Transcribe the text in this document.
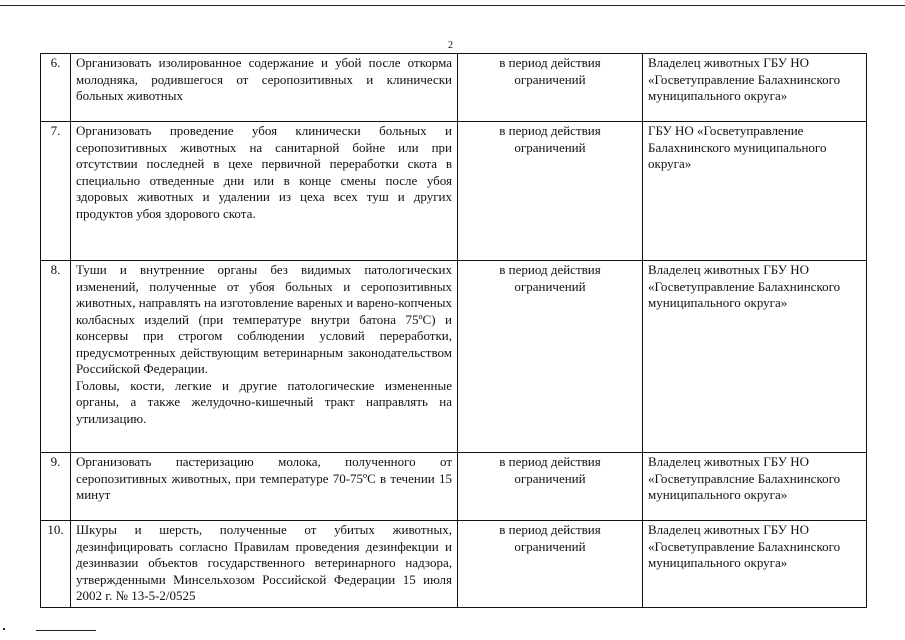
2
6.	Организовать изолированное содержание и убой после откорма молодняка, родившегося от серопозитивных и клинически больных животных	в период действия ограничений	Владелец животных ГБУ НО «Госветуправление Балахнинского муниципального округа»
7.	Организовать проведение убоя клинически больных и серопозитивных животных на санитарной бойне или при отсутствии последней в цехе первичной переработки скота в специально отведенные дни или в конце смены после убоя здоровых животных и удалении из цеха всех туш и других продуктов убоя здорового скота.	в период действия ограничений	ГБУ НО «Госветуправление Балахнинского муниципального округа»
8.	Туши и внутренние органы без видимых патологических изменений, полученные от убоя больных и серопозитивных животных, направлять на изготовление вареных и варено-копченых колбасных изделий (при температуре внутри батона 75ºС) и консервы при строгом соблюдении условий переработки, предусмотренных действующим ветеринарным законодательством Российской Федерации.
Головы, кости, легкие и другие патологические измененные органы, а также желудочно-кишечный тракт направлять на утилизацию.	в период действия ограничений	Владелец животных ГБУ НО «Госветуправление Балахнинского муниципального округа»
9.	Организовать пастеризацию молока, полученного от серопозитивных животных, при температуре 70-75ºС в течении 15 минут	в период действия ограничений	Владелец животных ГБУ НО «Госветуправлсние Балахнинского муниципального округа»
10.	Шкуры и шерсть, полученные от убитых животных, дезинфицировать согласно Правилам проведения дезинфекции и дезинвазии объектов государственного ветеринарного надзора, утвержденными Минсельхозом Российской Федерации 15 июля 2002 г. № 13-5-2/0525	в период действия ограничений	Владелец животных ГБУ НО «Госветуправление Балахнинского муниципального округа»
